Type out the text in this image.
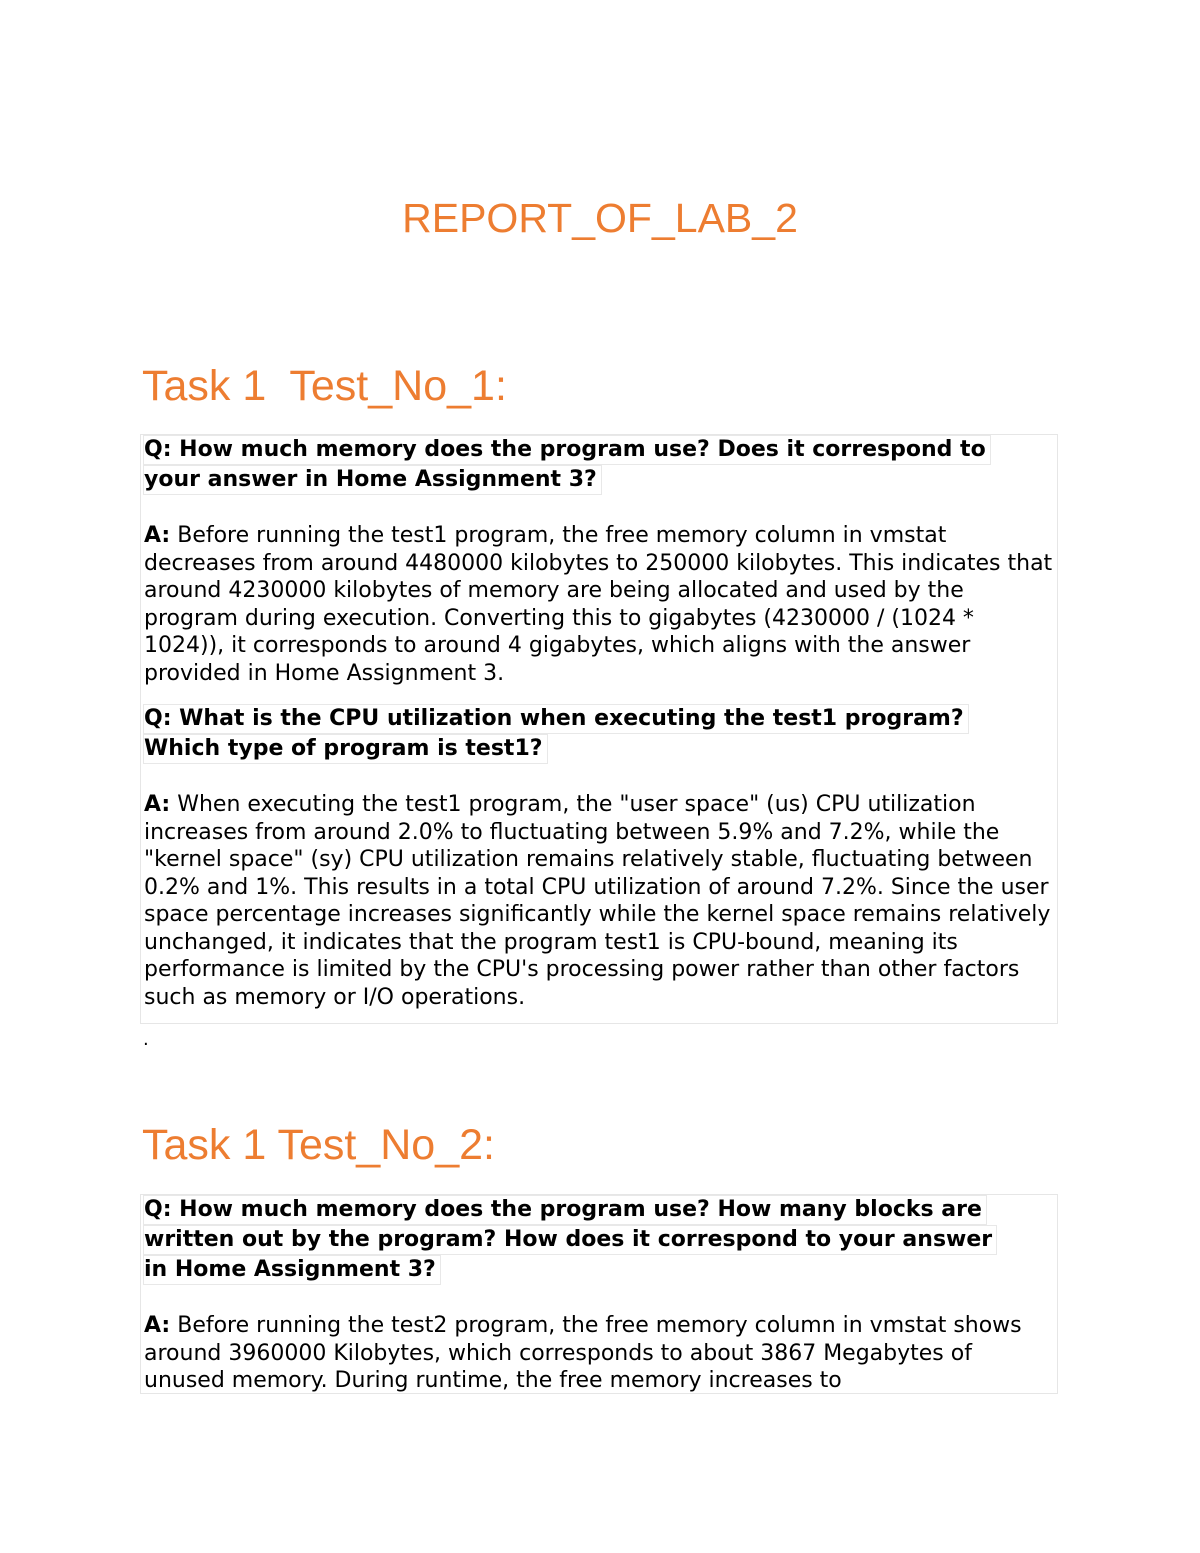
REPORT_OF_LAB_2
Task 1  Test_No_1:
Q: How much memory does the program use? Does it correspond to
your answer in Home Assignment 3?

A: Before running the test1 program, the free memory column in vmstat decreases from around 4480000 kilobytes to 250000 kilobytes. This indicates that around 4230000 kilobytes of memory are being allocated and used by the program during execution. Converting this to gigabytes (4230000 / (1024 * 1024)), it corresponds to around 4 gigabytes, which aligns with the answer provided in Home Assignment 3.

Q: What is the CPU utilization when executing the test1 program?
Which type of program is test1?

A: When executing the test1 program, the "user space" (us) CPU utilization increases from around 2.0% to fluctuating between 5.9% and 7.2%, while the "kernel space" (sy) CPU utilization remains relatively stable, fluctuating between 0.2% and 1%. This results in a total CPU utilization of around 7.2%. Since the user space percentage increases significantly while the kernel space remains relatively unchanged, it indicates that the program test1 is CPU-bound, meaning its performance is limited by the CPU's processing power rather than other factors such as memory or I/O operations.

.
Task 1 Test_No_2:
Q: How much memory does the program use? How many blocks are
written out by the program? How does it correspond to your answer
in Home Assignment 3?

A: Before running the test2 program, the free memory column in vmstat shows around 3960000 Kilobytes, which corresponds to about 3867 Megabytes of unused memory. During runtime, the free memory increases to
